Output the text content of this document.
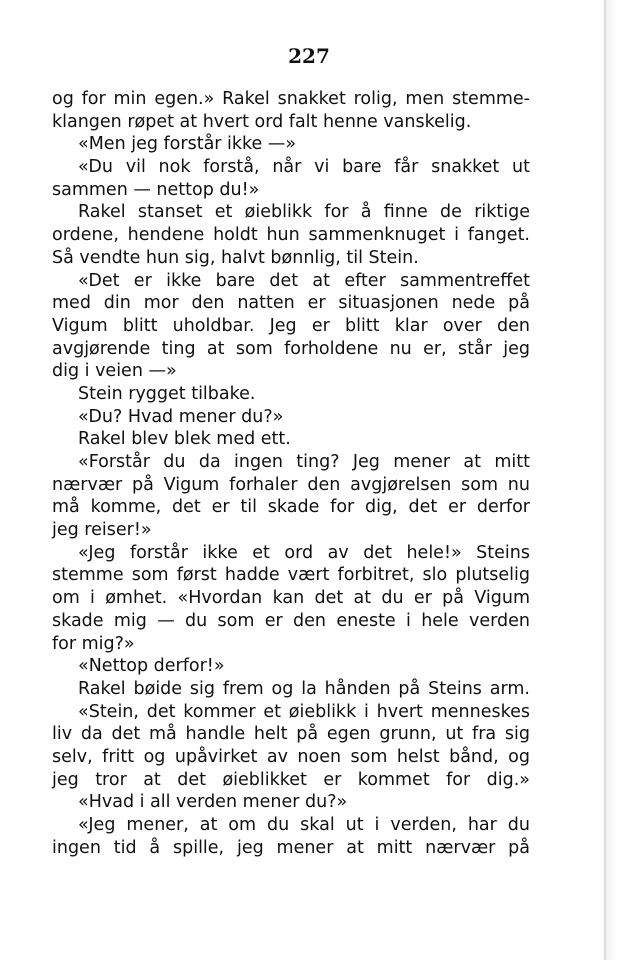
227
og for min egen.» Rakel snakket rolig, men stemme-
klangen røpet at hvert ord falt henne vanskelig.
«Men jeg forstår ikke —»
«Du vil nok forstå, når vi bare får snakket ut
sammen — nettop du!»
Rakel stanset et øieblikk for å finne de riktige
ordene, hendene holdt hun sammenknuget i fanget.
Så vendte hun sig, halvt bønnlig, til Stein.
«Det er ikke bare det at efter sammentreffet
med din mor den natten er situasjonen nede på
Vigum blitt uholdbar. Jeg er blitt klar over den
avgjørende ting at som forholdene nu er, står jeg
dig i veien —»
Stein rygget tilbake.
«Du? Hvad mener du?»
Rakel blev blek med ett.
«Forstår du da ingen ting? Jeg mener at mitt
nærvær på Vigum forhaler den avgjørelsen som nu
må komme, det er til skade for dig, det er derfor
jeg reiser!»
«Jeg forstår ikke et ord av det hele!» Steins
stemme som først hadde vært forbitret, slo plutselig
om i ømhet. «Hvordan kan det at du er på Vigum
skade mig — du som er den eneste i hele verden
for mig?»
«Nettop derfor!»
Rakel bøide sig frem og la hånden på Steins arm.
«Stein, det kommer et øieblikk i hvert menneskes
liv da det må handle helt på egen grunn, ut fra sig
selv, fritt og upåvirket av noen som helst bånd, og
jeg tror at det øieblikket er kommet for dig.»
«Hvad i all verden mener du?»
«Jeg mener, at om du skal ut i verden, har du
ingen tid å spille, jeg mener at mitt nærvær på
